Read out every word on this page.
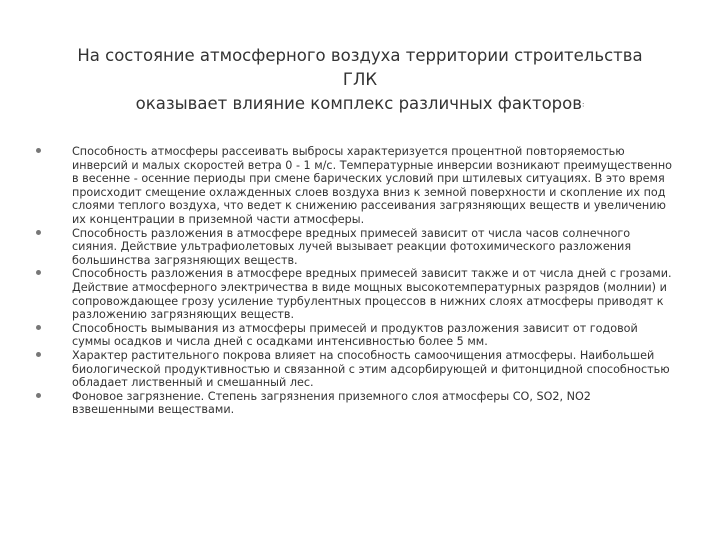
На состояние атмосферного воздуха территории строительства ГЛК
оказывает влияние комплекс различных факторов:
Способность атмосферы рассеивать выбросы характеризуется процентной повторяемостью инверсий и малых скоростей ветра 0 - 1 м/с. Температурные инверсии возникают преимущественно в весенне - осенние периоды при смене барических условий при штилевых ситуациях. В это время происходит смещение охлажденных слоев воздуха вниз к земной поверхности и скопление их под слоями теплого воздуха, что ведет к снижению рассеивания загрязняющих веществ и увеличению их концентрации в приземной части атмосферы.
Способность разложения в атмосфере вредных примесей зависит от числа часов солнечного сияния. Действие ультрафиолетовых лучей вызывает реакции фотохимического разложения большинства загрязняющих веществ.
Способность разложения в атмосфере вредных примесей зависит также и от числа дней с грозами. Действие атмосферного электричества в виде мощных высокотемпературных разрядов (молнии) и сопровождающее грозу усиление турбулентных процессов в нижних слоях атмосферы приводят к разложению загрязняющих веществ.
Способность вымывания из атмосферы примесей и продуктов разложения зависит от годовой суммы осадков и числа дней с осадками интенсивностью более 5 мм.
Характер растительного покрова влияет на способность самоочищения атмосферы. Наибольшей биологической продуктивностью и связанной с этим адсорбирующей и фитонцидной способностью обладает лиственный и смешанный лес.
Фоновое загрязнение. Степень загрязнения приземного слоя атмосферы CO, SO2, NO2 взвешенными веществами.
